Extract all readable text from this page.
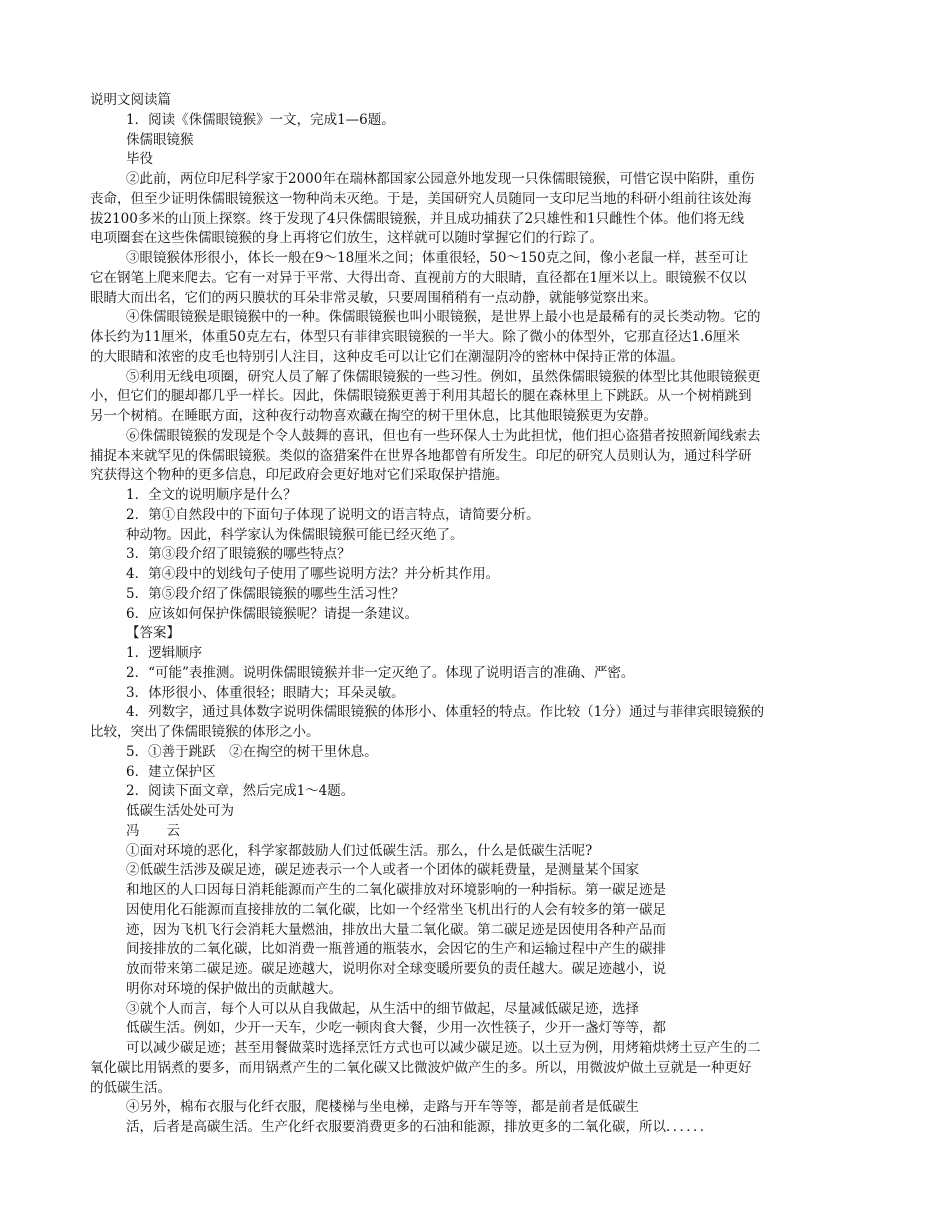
说明文阅读篇
1．阅读《侏儒眼镜猴》一文，完成1—6题。
侏儒眼镜猴
毕役
②此前，两位印尼科学家于2000年在瑞林都国家公园意外地发现一只侏儒眼镜猴，可惜它误中陷阱，重伤
丧命，但至少证明侏儒眼镜猴这一物种尚未灭绝。于是，美国研究人员随同一支印尼当地的科研小组前往该处海
拔2100多米的山顶上探察。终于发现了4只侏儒眼镜猴，并且成功捕获了2只雄性和1只雌性个体。他们将无线
电项圈套在这些侏儒眼镜猴的身上再将它们放生，这样就可以随时掌握它们的行踪了。
③眼镜猴体形很小，体长一般在9～18厘米之间；体重很轻，50～150克之间，像小老鼠一样，甚至可让
它在钢笔上爬来爬去。它有一对异于平常、大得出奇、直视前方的大眼睛，直径都在1厘米以上。眼镜猴不仅以
眼睛大而出名，它们的两只膜状的耳朵非常灵敏，只要周围稍稍有一点动静，就能够觉察出来。
④侏儒眼镜猴是眼镜猴中的一种。侏儒眼镜猴也叫小眼镜猴，是世界上最小也是最稀有的灵长类动物。它的
体长约为11厘米，体重50克左右，体型只有菲律宾眼镜猴的一半大。除了微小的体型外，它那直径达1.6厘米
的大眼睛和浓密的皮毛也特别引人注目，这种皮毛可以让它们在潮湿阴冷的密林中保持正常的体温。
⑤利用无线电项圈，研究人员了解了侏儒眼镜猴的一些习性。例如，虽然侏儒眼镜猴的体型比其他眼镜猴更
小，但它们的腿却都几乎一样长。因此，侏儒眼镜猴更善于利用其超长的腿在森林里上下跳跃。从一个树梢跳到
另一个树梢。在睡眠方面，这种夜行动物喜欢藏在掏空的树干里休息，比其他眼镜猴更为安静。
⑥侏儒眼镜猴的发现是个令人鼓舞的喜讯，但也有一些环保人士为此担忧，他们担心盗猎者按照新闻线索去
捕捉本来就罕见的侏儒眼镜猴。类似的盗猎案件在世界各地都曾有所发生。印尼的研究人员则认为，通过科学研
究获得这个物种的更多信息，印尼政府会更好地对它们采取保护措施。
1．全文的说明顺序是什么？
2．第①自然段中的下面句子体现了说明文的语言特点，请简要分析。
种动物。因此，科学家认为侏儒眼镜猴可能已经灭绝了。
3．第③段介绍了眼镜猴的哪些特点？
4．第④段中的划线句子使用了哪些说明方法？并分析其作用。
5．第⑤段介绍了侏儒眼镜猴的哪些生活习性？
6．应该如何保护侏儒眼镜猴呢？请提一条建议。
【答案】
1．逻辑顺序
2．“可能”表推测。说明侏儒眼镜猴并非一定灭绝了。体现了说明语言的准确、严密。
3．体形很小、体重很轻；眼睛大；耳朵灵敏。
4．列数字，通过具体数字说明侏儒眼镜猴的体形小、体重轻的特点。作比较（1分）通过与菲律宾眼镜猴的
比较，突出了侏儒眼镜猴的体形之小。
5．①善于跳跃　②在掏空的树干里休息。
6．建立保护区
2．阅读下面文章，然后完成1～4题。
低碳生活处处可为
冯　　云
①面对环境的恶化，科学家都鼓励人们过低碳生活。那么，什么是低碳生活呢?
②低碳生活涉及碳足迹，碳足迹表示一个人或者一个团体的碳耗费量，是测量某个国家
和地区的人口因每日消耗能源而产生的二氧化碳排放对环境影响的一种指标。第一碳足迹是
因使用化石能源而直接排放的二氧化碳，比如一个经常坐飞机出行的人会有较多的第一碳足
迹，因为飞机飞行会消耗大量燃油，排放出大量二氧化碳。第二碳足迹是因使用各种产品而
间接排放的二氧化碳，比如消费一瓶普通的瓶装水，会因它的生产和运输过程中产生的碳排
放而带来第二碳足迹。碳足迹越大，说明你对全球变暖所要负的责任越大。碳足迹越小，说
明你对环境的保护做出的贡献越大。
③就个人而言，每个人可以从自我做起，从生活中的细节做起，尽量减低碳足迹，选择
低碳生活。例如，少开一天车，少吃一顿肉食大餐，少用一次性筷子，少开一盏灯等等，都
可以减少碳足迹；甚至用餐做菜时选择烹饪方式也可以减少碳足迹。以土豆为例，用烤箱烘烤土豆产生的二
氧化碳比用锅煮的要多，而用锅煮产生的二氧化碳又比微波炉做产生的多。所以，用微波炉做土豆就是一种更好
的低碳生活。
④另外，棉布衣服与化纤衣服，爬楼梯与坐电梯，走路与开车等等，都是前者是低碳生
活，后者是高碳生活。生产化纤衣服要消费更多的石油和能源，排放更多的二氧化碳，所以．．．．．．
